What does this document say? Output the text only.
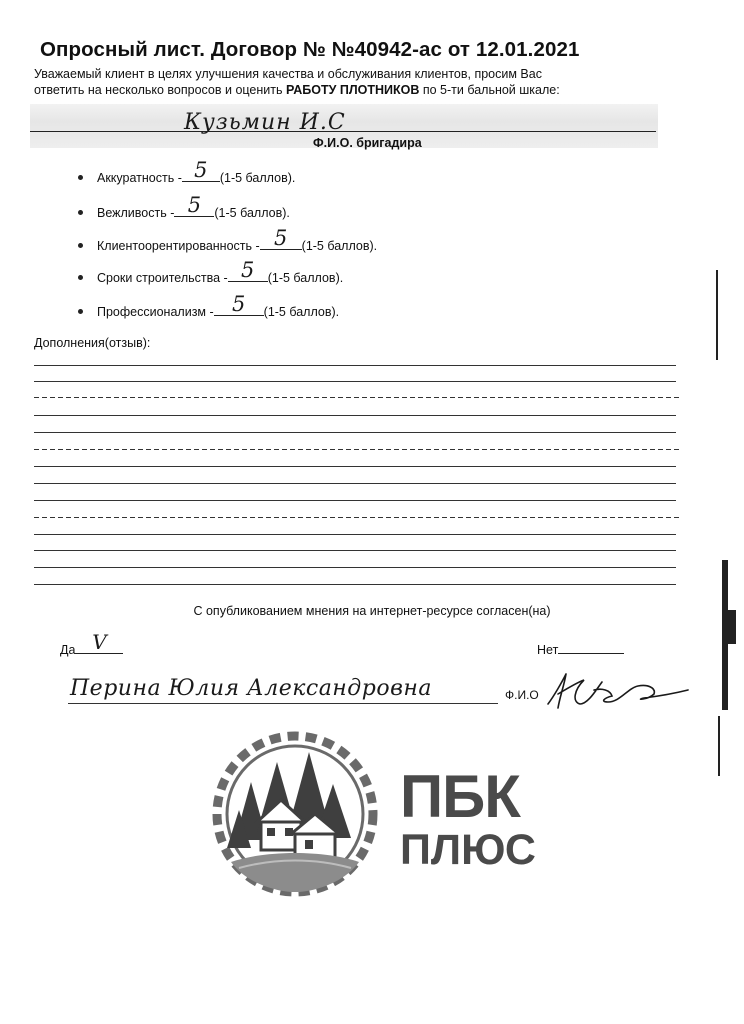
Опросный лист. Договор № №40942-ас от 12.01.2021
Уважаемый клиент в целях улучшения качества и обслуживания клиентов, просим Вас
ответить на несколько вопросов и оценить РАБОТУ ПЛОТНИКОВ по 5-ти бальной шкале:
Кузьмин И.С
Ф.И.О. бригадира
Аккуратность - 5 (1-5 баллов).
Вежливость - 5	(1-5 баллов).
Клиентоорентированность - 5	(1-5 баллов).
Сроки строительства - 5	(1-5 баллов).
Профессионализм - 5	(1-5 баллов).
Дополнения(отзыв):
С опубликованием мнения на интернет-ресурсе согласен(на)
Да V	Нет
Перина Юлия Александровна	Ф.И.О
ПБК
ПЛЮС
